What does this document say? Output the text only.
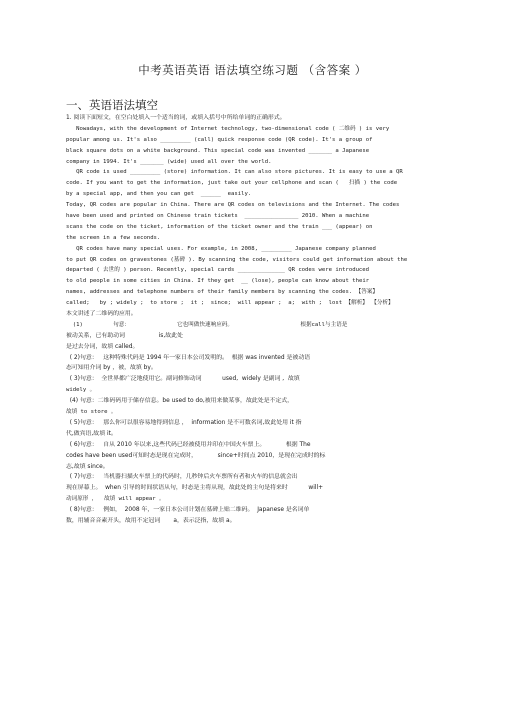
中考英语英语 语法填空练习题 （含答案 ）
一、英语语法填空
1. 阅读下面短文，在空白处填入一个适当的词，或填入括号中所给单词的正确形式。
Nowadays, with the development of Internet technology, two-dimensional code ( 二维码 ) is very
popular among us. It's also _________ (call) quick response code (QR code). It's a group of
black square dots on a white background. This special code was invented _______ a Japanese
company in 1994. It's _______ (wide) used all over the world.
QR code is used _________ (store) information. It can also store pictures. It is easy to use a QR
code. If you want to get the information, just take out your cellphone and scan (   扫描 ) the code
by a special app, and then you can get  ______  easily.
Today, QR codes are popular in China. There are QR codes on televisions and the Internet. The codes
have been used and printed on Chinese train tickets  ________________ 2010. When a machine
scans the code on the ticket, information of the ticket owner and the train ___ (appear) on
the screen in a few seconds.
QR codes have many special uses. For example, in 2008, _________ Japanese company planned
to put QR codes on gravestones (墓碑 ). By scanning the code, visitors could get information about the
departed ( 去世的 ) person. Recently, special cards ______________ QR codes were introduced
to old people in some cities in China. If they get  __ (lose), people can know about their
names, addresses and telephone numbers of their family members by scanning the codes. 【答案】
called;   by ; widely ;  to store ;  it ;  since;  will appear ;  a;  with ;  lost 【解析】 【分析】
本文讲述了二维码的应用。
(1)         句意：              它也叫做快速响应码。                    根据call与主语是
被动关系，已有助动词                  is,故此处
是过去分词，故填 called。
( 2)句意：   这种特殊代码是 1994 年一家日本公司发明的。  根据 was invented 是被动语
态可知用介词 by ，被，故填 by。
( 3)句意：  全世界都广泛地使用它。副词修饰动词           used,  widely 是副词 ,  故填
widely 。
(4) 句意：二维码码用于储存信息。be used to do,被用来做某事，故此处是不定式，
故填 to store 。
( 5)句意：   那么你可以很容易地得到信息 ，  information 是不可数名词,故此处用 it 指
代,做宾语,故填 it。
( 6)句意：   自从 2010 年以来,这些代码已经被使用并印在中国火车票上。           根据 The
codes have been used可知时态是现在完成时，           since+时间点 2010，是现在完成时的标
志,故填 since。
( 7)句意：   当机器扫描火车票上的代码时，几秒钟后火车票所有者和火车的信息就会出
现在屏幕上。  when 引导的时间状语从句，时态是主将从现，故此处的主句是将来时           will+
动词原形 ，  故填 will appear 。
( 8)句意：   例如，  2008 年，一家日本公司计划在墓碑上贴二维码。  Japanese 是名词单
数，用辅音音素开头，故用不定冠词       a，表示泛指，故填 a。
